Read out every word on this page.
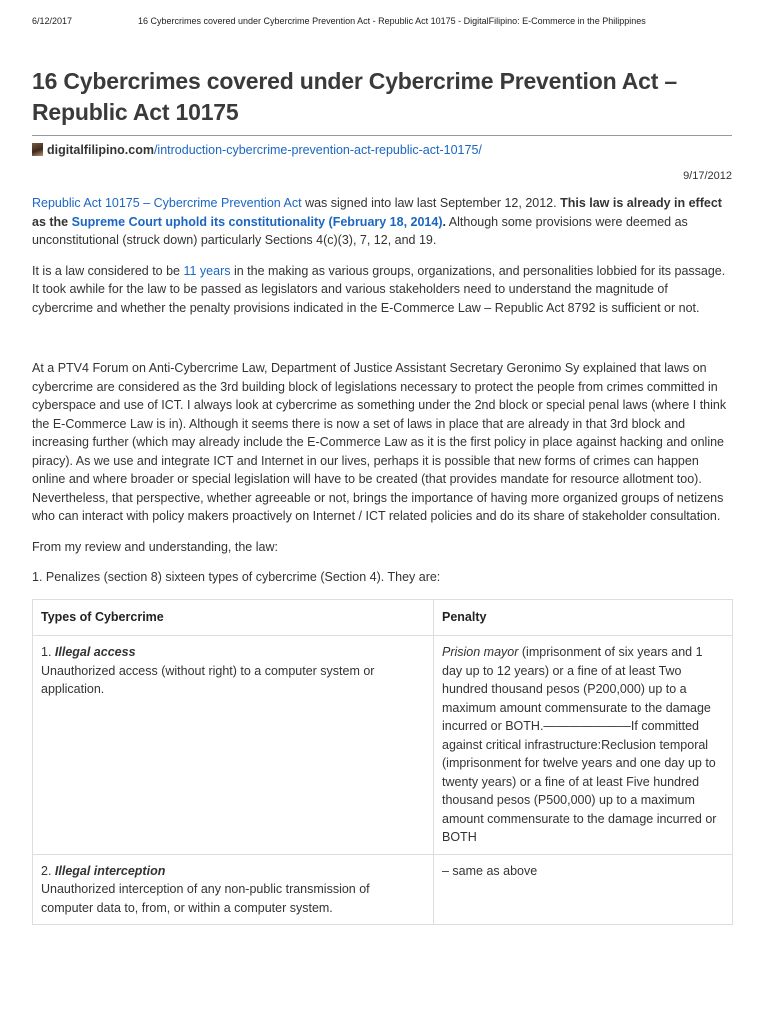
6/12/2017	16 Cybercrimes covered under Cybercrime Prevention Act - Republic Act 10175 - DigitalFilipino: E-Commerce in the Philippines
16 Cybercrimes covered under Cybercrime Prevention Act – Republic Act 10175
digitalfilipino.com/introduction-cybercrime-prevention-act-republic-act-10175/
9/17/2012

Republic Act 10175 – Cybercrime Prevention Act was signed into law last September 12, 2012. This law is already in effect as the Supreme Court uphold its constitutionality (February 18, 2014). Although some provisions were deemed as unconstitutional (struck down) particularly Sections 4(c)(3), 7, 12, and 19.

It is a law considered to be 11 years in the making as various groups, organizations, and personalities lobbied for its passage. It took awhile for the law to be passed as legislators and various stakeholders need to understand the magnitude of cybercrime and whether the penalty provisions indicated in the E-Commerce Law – Republic Act 8792 is sufficient or not.

At a PTV4 Forum on Anti-Cybercrime Law, Department of Justice Assistant Secretary Geronimo Sy explained that laws on cybercrime are considered as the 3rd building block of legislations necessary to protect the people from crimes committed in cyberspace and use of ICT. I always look at cybercrime as something under the 2nd block or special penal laws (where I think the E-Commerce Law is in). Although it seems there is now a set of laws in place that are already in that 3rd block and increasing further (which may already include the E-Commerce Law as it is the first policy in place against hacking and online piracy). As we use and integrate ICT and Internet in our lives, perhaps it is possible that new forms of crimes can happen online and where broader or special legislation will have to be created (that provides mandate for resource allotment too). Nevertheless, that perspective, whether agreeable or not, brings the importance of having more organized groups of netizens who can interact with policy makers proactively on Internet / ICT related policies and do its share of stakeholder consultation.

From my review and understanding, the law:

1. Penalizes (section 8) sixteen types of cybercrime (Section 4). They are:

Types of Cybercrime	Penalty
1. Illegal access
Unauthorized access (without right) to a computer system or application.	Prision mayor (imprisonment of six years and 1 day up to 12 years) or a fine of at least Two hundred thousand pesos (P200,000) up to a maximum amount commensurate to the damage incurred or BOTH.———————If committed against critical infrastructure:Reclusion temporal (imprisonment for twelve years and one day up to twenty years) or a fine of at least Five hundred thousand pesos (P500,000) up to a maximum amount commensurate to the damage incurred or BOTH
2. Illegal interception
Unauthorized interception of any non-public transmission of computer data to, from, or within a computer system.	– same as above
